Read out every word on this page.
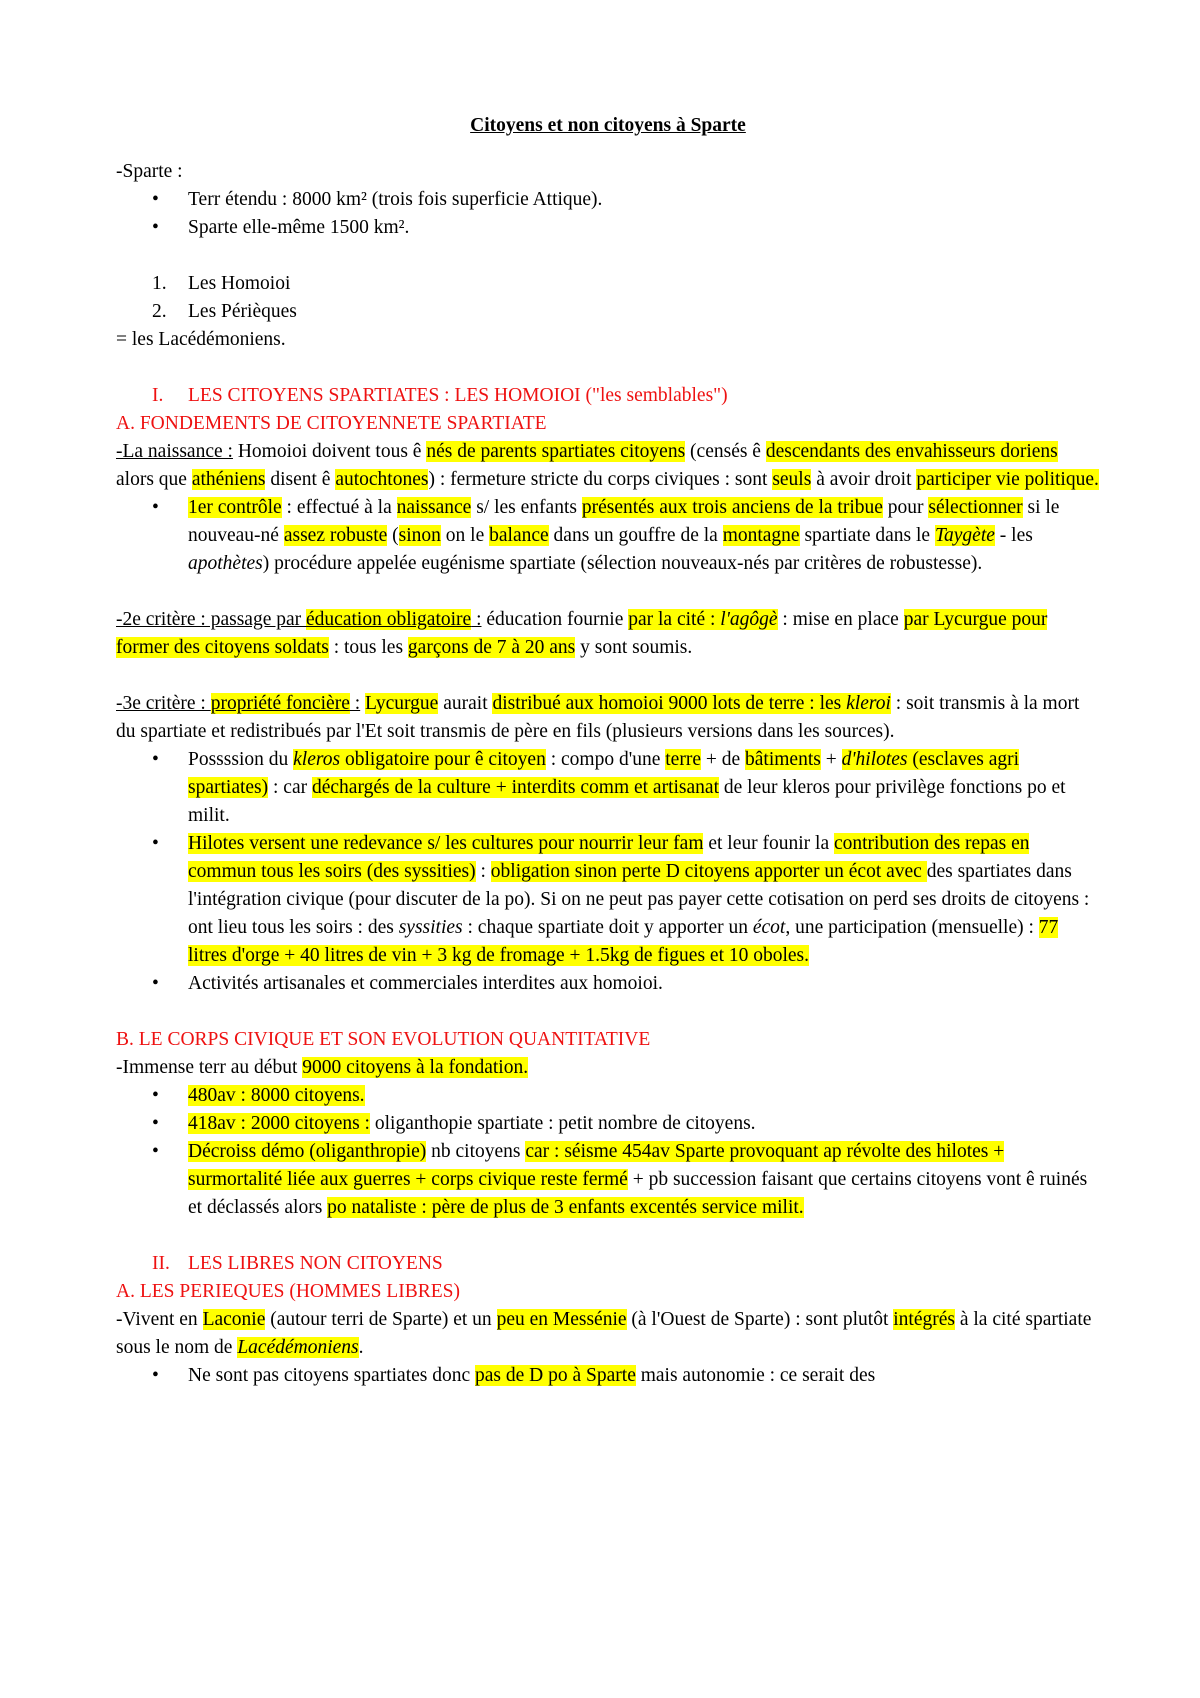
Citoyens et non citoyens à Sparte

-Sparte :

• Terr étendu : 8000 km² (trois fois superficie Attique).
• Sparte elle-même 1500 km².
1. Les Homoioi
2. Les Périèques

= les Lacédémoniens.

I. LES CITOYENS SPARTIATES : LES HOMOIOI ("les semblables")

A. FONDEMENTS DE CITOYENNETE SPARTIATE

-La naissance : Homoioi doivent tous ê nés de parents spartiates citoyens (censés ê descendants des envahisseurs doriens alors que athéniens disent ê autochtones) : fermeture stricte du corps civiques : sont seuls à avoir droit participer vie politique.

• 1er contrôle : effectué à la naissance s/ les enfants présentés aux trois anciens de la tribue pour sélectionner si le nouveau-né assez robuste (sinon on le balance dans un gouffre de la montagne spartiate dans le Taygète - les apothètes) procédure appelée eugénisme spartiate (sélection nouveaux-nés par critères de robustesse).

-2e critère : passage par éducation obligatoire : éducation fournie par la cité : l'agôgè : mise en place par Lycurgue pour former des citoyens soldats : tous les garçons de 7 à 20 ans y sont soumis.

-3e critère : propriété foncière : Lycurgue aurait distribué aux homoioi 9000 lots de terre : les kleroi : soit transmis à la mort du spartiate et redistribués par l'Et soit transmis de père en fils (plusieurs versions dans les sources).

• Possssion du kleros obligatoire pour ê citoyen : compo d'une terre + de bâtiments + d'hilotes (esclaves agri spartiates) : car déchargés de la culture + interdits comm et artisanat de leur kleros pour privilège fonctions po et milit.
• Hilotes versent une redevance s/ les cultures pour nourrir leur fam et leur founir la contribution des repas en commun tous les soirs (des syssities) : obligation sinon perte D citoyens apporter un écot avec des spartiates dans l'intégration civique (pour discuter de la po). Si on ne peut pas payer cette cotisation on perd ses droits de citoyens : ont lieu tous les soirs : des syssities : chaque spartiate doit y apporter un écot, une participation (mensuelle) : 77 litres d'orge + 40 litres de vin + 3 kg de fromage + 1.5kg de figues et 10 oboles.
• Activités artisanales et commerciales interdites aux homoioi.

B. LE CORPS CIVIQUE ET SON EVOLUTION QUANTITATIVE

-Immense terr au début 9000 citoyens à la fondation.

• 480av : 8000 citoyens.
• 418av : 2000 citoyens : oliganthopie spartiate : petit nombre de citoyens.
• Décroiss démo (oliganthropie) nb citoyens car : séisme 454av Sparte provoquant ap révolte des hilotes + surmortalité liée aux guerres + corps civique reste fermé + pb succession faisant que certains citoyens vont ê ruinés et déclassés alors po nataliste : père de plus de 3 enfants excentés service milit.

II. LES LIBRES NON CITOYENS

A. LES PERIEQUES (HOMMES LIBRES)

-Vivent en Laconie (autour terri de Sparte) et un peu en Messénie (à l'Ouest de Sparte) : sont plutôt intégrés à la cité spartiate sous le nom de Lacédémoniens.

• Ne sont pas citoyens spartiates donc pas de D po à Sparte mais autonomie : ce serait des
